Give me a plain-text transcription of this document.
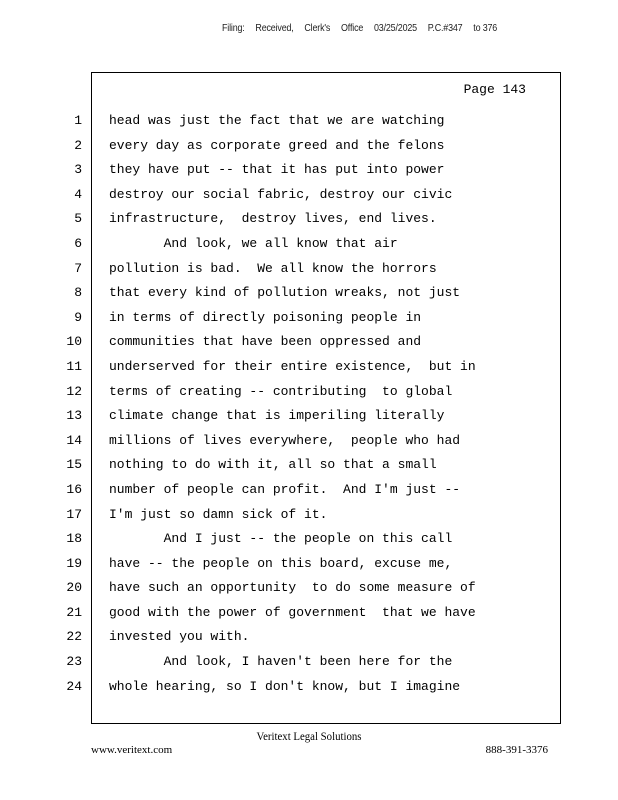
Filing: Received, Clerk's Office 03/25/2025 P.C.#347 to 376
Page 143
1 head was just the fact that we are watching
2 every day as corporate greed and the felons
3 they have put -- that it has put into power
4 destroy our social fabric, destroy our civic
5 infrastructure,  destroy lives, end lives.
6 And look, we all know that air
7 pollution is bad.  We all know the horrors
8 that every kind of pollution wreaks, not just
9 in terms of directly poisoning people in
10 communities that have been oppressed and
11 underserved for their entire existence,  but in
12 terms of creating -- contributing  to global
13 climate change that is imperiling literally
14 millions of lives everywhere,  people who had
15 nothing to do with it, all so that a small
16 number of people can profit.  And I'm just --
17 I'm just so damn sick of it.
18 And I just -- the people on this call
19 have -- the people on this board, excuse me,
20 have such an opportunity  to do some measure of
21 good with the power of government  that we have
22 invested you with.
23 And look, I haven't been here for the
24 whole hearing, so I don't know, but I imagine
Veritext Legal Solutions
www.veritext.com	888-391-3376
